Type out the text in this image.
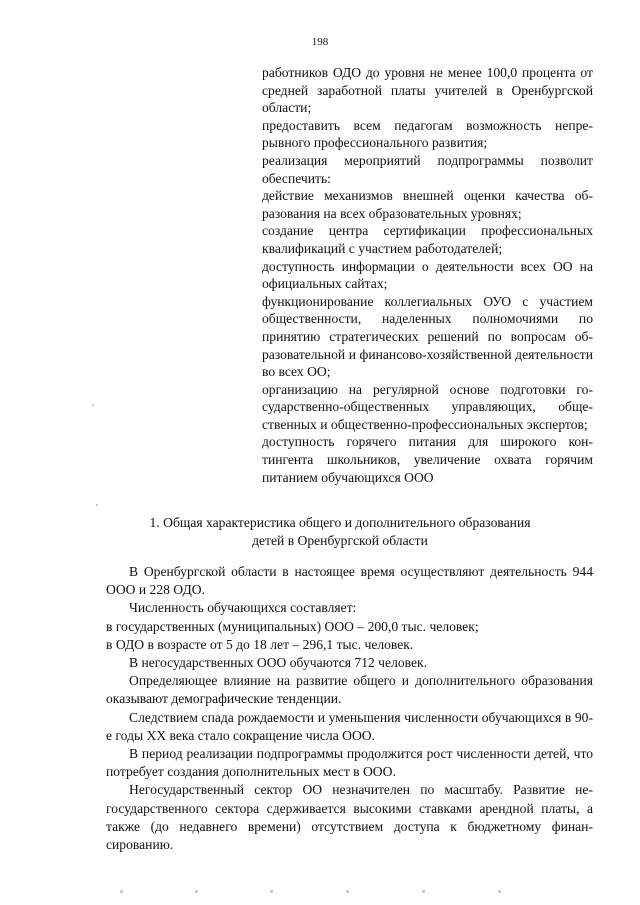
198

работников ОДО до уровня не менее 100,0 процента от средней заработной платы учителей в Оренбургской области;

предоставить всем педагогам возможность непрерывного профессионального развития;

реализация мероприятий подпрограммы позволит обеспечить:

действие механизмов внешней оценки качества образования на всех образовательных уровнях;

создание центра сертификации профессиональных квалификаций с участием работодателей;

доступность информации о деятельности всех ОО на официальных сайтах;

функционирование коллегиальных ОУО с участием общественности, наделенных полномочиями по принятию стратегических решений по вопросам образовательной и финансово-хозяйственной деятельности во всех ОО;

организацию на регулярной основе подготовки государственно-общественных управляющих, общественных и общественно-профессиональных экспертов;

доступность горячего питания для широкого контингента школьников, увеличение охвата горячим питанием обучающихся ООО

1. Общая характеристика общего и дополнительного образования
детей в Оренбургской области

В Оренбургской области в настоящее время осуществляют деятельность 944 ООО и 228 ОДО.

Численность обучающихся составляет:

в государственных (муниципальных) ООО – 200,0 тыс. человек;

в ОДО в возрасте от 5 до 18 лет – 296,1 тыс. человек.

В негосударственных ООО обучаются 712 человек.

Определяющее влияние на развитие общего и дополнительного образования оказывают демографические тенденции.

Следствием спада рождаемости и уменьшения численности обучающихся в 90-е годы XX века стало сокращение числа ООО.

В период реализации подпрограммы продолжится рост численности детей, что потребует создания дополнительных мест в ООО.

Негосударственный сектор ОО незначителен по масштабу. Развитие негосударственного сектора сдерживается высокими ставками арендной платы, а также (до недавнего времени) отсутствием доступа к бюджетному финансированию.
